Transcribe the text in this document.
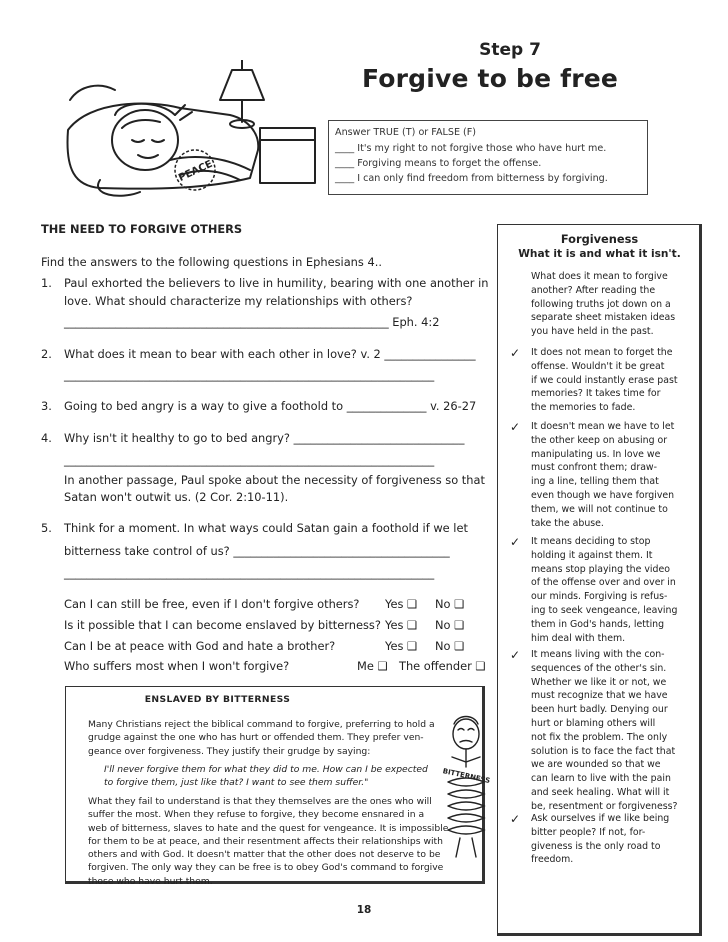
PEACE
Step 7
Forgive to be free
Answer TRUE (T) or FALSE (F)
____ It's my right to not forgive those who have hurt me.
____ Forgiving means to forget the offense.
____ I can only find freedom from bitterness by forgiving.
THE NEED TO FORGIVE OTHERS
Find the answers to the following questions in Ephesians 4..
1. Paul exhorted the believers to live in humility, bearing with one another in
love. What should characterize my relationships with others?
_________________________________________________________ Eph. 4:2
2. What does it mean to bear with each other in love? v. 2 ________________
_________________________________________________________________
3. Going to bed angry is a way to give a foothold to ______________ v. 26-27
4. Why isn't it healthy to go to bed angry? ______________________________
_________________________________________________________________
In another passage, Paul spoke about the necessity of forgiveness so that
Satan won't outwit us. (2 Cor. 2:10-11).
5. Think for a moment. In what ways could Satan gain a foothold if we let
bitterness take control of us? ______________________________________
_________________________________________________________________
Can I can still be free, even if I don't forgive others? Yes ❑ No ❑
Is it possible that I can become enslaved by bitterness? Yes ❑ No ❑
Can I be at peace with God and hate a brother?	Yes ❑ No ❑
Who suffers most when I won't forgive?	Me ❑ The offender ❑
ENSLAVED BY BITTERNESS
Many Christians reject the biblical command to forgive, preferring to hold a
grudge against the one who has hurt or offended them. They prefer ven-
geance over forgiveness. They justify their grudge by saying:
I'll never forgive them for what they did to me. How can I be expected
to forgive them, just like that? I want to see them suffer."
What they fail to understand is that they themselves are the ones who will
suffer the most. When they refuse to forgive, they become ensnared in a
web of bitterness, slaves to hate and the quest for vengeance. It is impossible
for them to be at peace, and their resentment affects their relationships with
others and with God. It doesn't matter that the other does not deserve to be
forgiven. The only way they can be free is to obey God's command to forgive
those who have hurt them.
BITTERNESS
Forgiveness
What it is and what it isn't.
What does it mean to forgive
another? After reading the
following truths jot down on a
separate sheet mistaken ideas
you have held in the past.
✓ It does not mean to forget the
offense. Wouldn't it be great
if we could instantly erase past
memories? It takes time for
the memories to fade.
✓ It doesn't mean we have to let
the other keep on abusing or
manipulating us. In love we
must confront them; draw-
ing a line, telling them that
even though we have forgiven
them, we will not continue to
take the abuse.
✓ It means deciding to stop
holding it against them. It
means stop playing the video
of the offense over and over in
our minds. Forgiving is refus-
ing to seek vengeance, leaving
them in God's hands, letting
him deal with them.
✓ It means living with the con-
sequences of the other's sin.
Whether we like it or not, we
must recognize that we have
been hurt badly. Denying our
hurt or blaming others will
not fix the problem. The only
solution is to face the fact that
we are wounded so that we
can learn to live with the pain
and seek healing. What will it
be, resentment or forgiveness?
✓ Ask ourselves if we like being
bitter people? If not, for-
giveness is the only road to
freedom.
18
